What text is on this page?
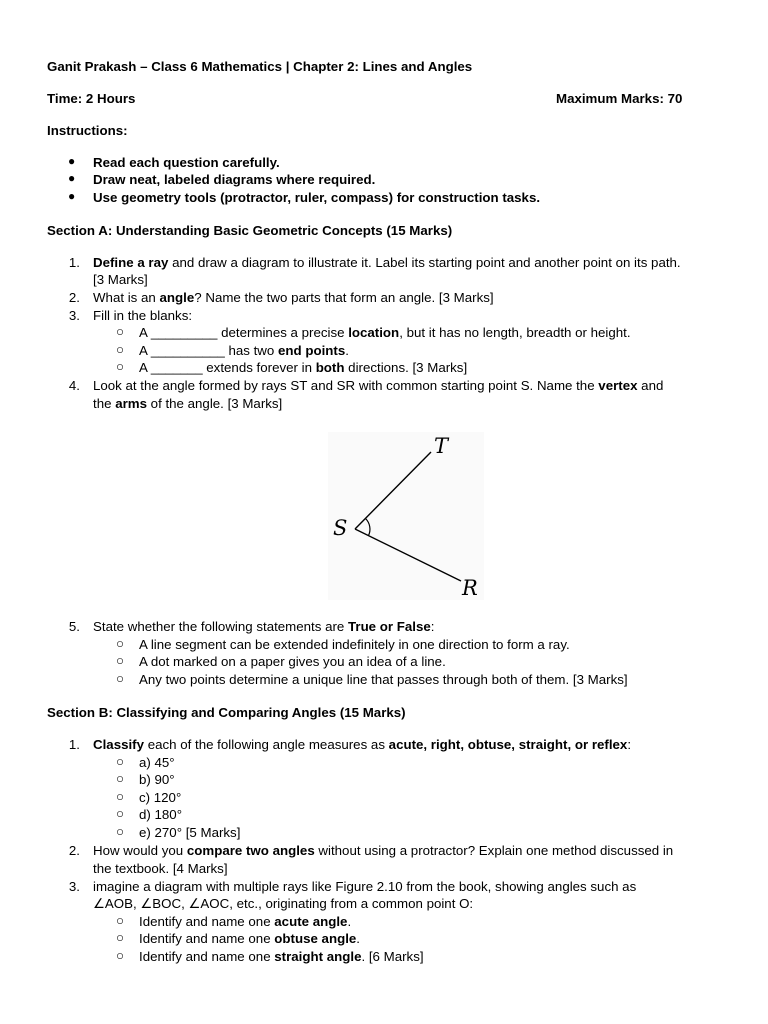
Ganit Prakash – Class 6 Mathematics | Chapter 2: Lines and Angles
Time: 2 Hours	Maximum Marks: 70
Instructions:
● Read each question carefully.
● Draw neat, labeled diagrams where required.
● Use geometry tools (protractor, ruler, compass) for construction tasks.
Section A: Understanding Basic Geometric Concepts (15 Marks)
1. Define a ray and draw a diagram to illustrate it. Label its starting point and another point on its path.
[3 Marks]
2. What is an angle? Name the two parts that form an angle. [3 Marks]
3. Fill in the blanks:
○ A _________ determines a precise location, but it has no length, breadth or height.
○ A __________ has two end points.
○ A _______ extends forever in both directions. [3 Marks]
4. Look at the angle formed by rays ST and SR with common starting point S. Name the vertex and
the arms of the angle. [3 Marks]
T
S
R
5. State whether the following statements are True or False:
○ A line segment can be extended indefinitely in one direction to form a ray.
○ A dot marked on a paper gives you an idea of a line.
○ Any two points determine a unique line that passes through both of them. [3 Marks]
Section B: Classifying and Comparing Angles (15 Marks)
1. Classify each of the following angle measures as acute, right, obtuse, straight, or reflex:
○ a) 45°
○ b) 90°
○ c) 120°
○ d) 180°
○ e) 270° [5 Marks]
2. How would you compare two angles without using a protractor? Explain one method discussed in
the textbook. [4 Marks]
3. imagine a diagram with multiple rays like Figure 2.10 from the book, showing angles such as
∠AOB, ∠BOC, ∠AOC, etc., originating from a common point O:
○ Identify and name one acute angle.
○ Identify and name one obtuse angle.
○ Identify and name one straight angle. [6 Marks]
